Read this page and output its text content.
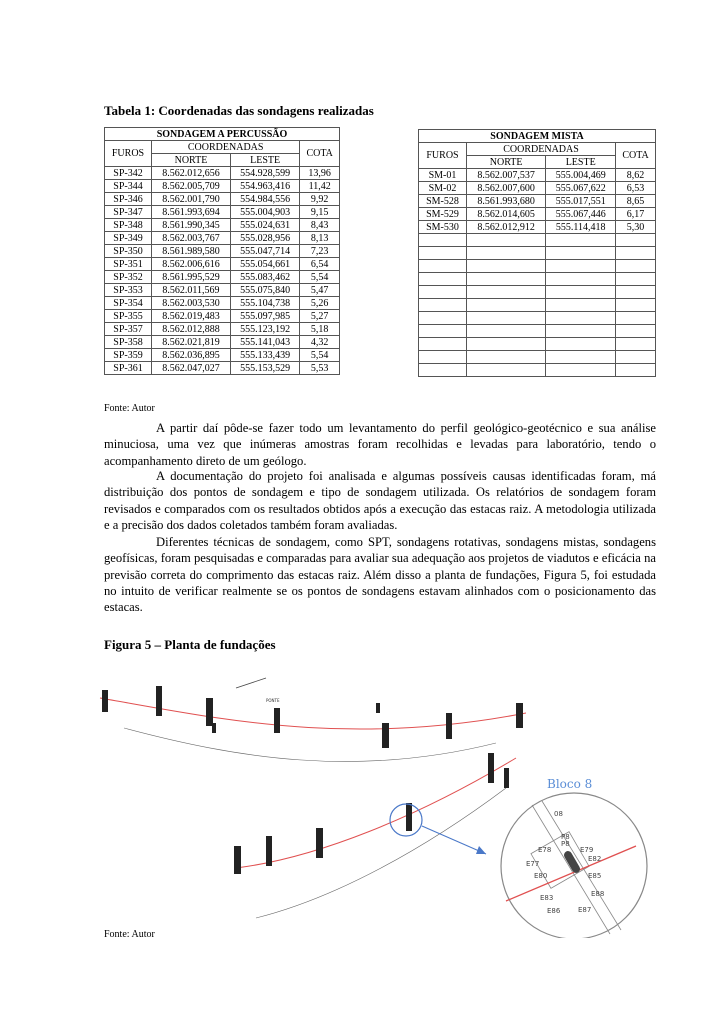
Tabela 1: Coordenadas das sondagens realizadas
SONDAGEM A PERCUSSÃO			
FUROS	COORDENADAS		COTA
	NORTE	LESTE	
SP-342	8.562.012,656	554.928,599	13,96
SP-344	8.562.005,709	554.963,416	11,42
SP-346	8.562.001,790	554.984,556	9,92
SP-347	8.561.993,694	555.004,903	9,15
SP-348	8.561.990,345	555.024,631	8,43
SP-349	8.562.003,767	555.028,956	8,13
SP-350	8.561.989,580	555.047,714	7,23
SP-351	8.562.006,616	555.054,661	6,54
SP-352	8.561.995,529	555.083,462	5,54
SP-353	8.562.011,569	555.075,840	5,47
SP-354	8.562.003,530	555.104,738	5,26
SP-355	8.562.019,483	555.097,985	5,27
SP-357	8.562.012,888	555.123,192	5,18
SP-358	8.562.021,819	555.141,043	4,32
SP-359	8.562.036,895	555.133,439	5,54
SP-361	8.562.047,027	555.153,529	5,53
SONDAGEM MISTA			
FUROS	COORDENADAS		COTA
	NORTE	LESTE	
SM-01	8.562.007,537	555.004,469	8,62
SM-02	8.562.007,600	555.067,622	6,53
SM-528	8.561.993,680	555.017,551	8,65
SM-529	8.562.014,605	555.067,446	6,17
SM-530	8.562.012,912	555.114,418	5,30

Fonte: Autor
A partir daí pôde-se fazer todo um levantamento do perfil geológico-geotécnico e sua análise minuciosa, uma vez que inúmeras amostras foram recolhidas e levadas para laboratório, tendo o acompanhamento direto de um geólogo.
A documentação do projeto foi analisada e algumas possíveis causas identificadas foram, má distribuição dos pontos de sondagem e tipo de sondagem utilizada. Os relatórios de sondagem foram revisados e comparados com os resultados obtidos após a execução das estacas raiz. A metodologia utilizada e a precisão dos dados coletados também foram avaliadas.
Diferentes técnicas de sondagem, como SPT, sondagens rotativas, sondagens mistas, sondagens geofísicas, foram pesquisadas e comparadas para avaliar sua adequação aos projetos de viadutos e eficácia na previsão correta do comprimento das estacas raiz. Além disso a planta de fundações, Figura 5, foi estudada no intuito de verificar realmente se os pontos de sondagens estavam alinhados com o posicionamento das estacas.
Figura 5 – Planta de fundações
PONTE
Bloco 8
08
P8
P8
E78	E79
E77
E82
E80	E85
E83	E88
E86	E87
Fonte: Autor
